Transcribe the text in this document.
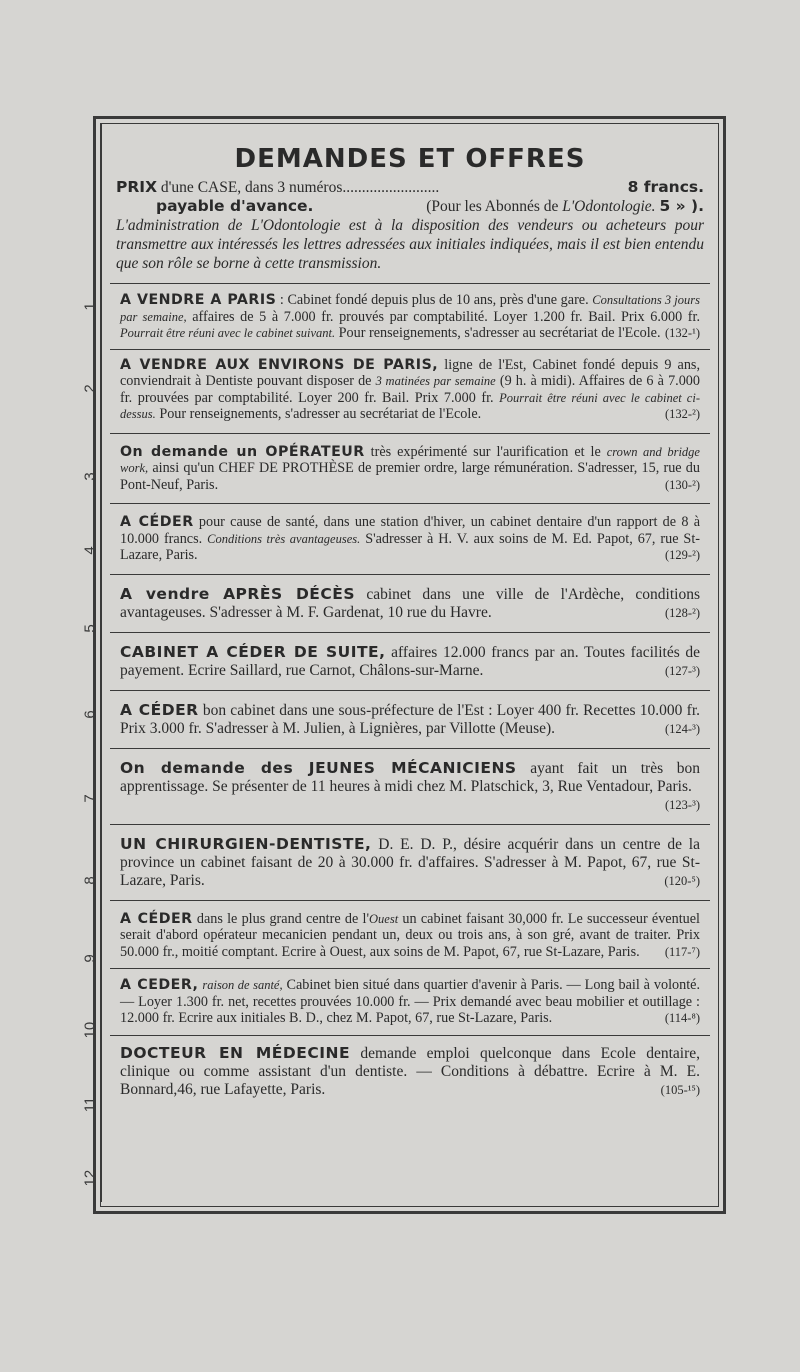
DEMANDES ET OFFRES
PRIX d'une CASE, dans 3 numéros.........................	8 francs.
payable d'avance.	(Pour les Abonnés de L'Odontologie. 5 » ).
L'administration de L'Odontologie est à la disposition des vendeurs ou acheteurs pour transmettre aux intéressés les lettres adressées aux initiales indiquées, mais il est bien entendu que son rôle se borne à cette transmission.
A VENDRE A PARIS : Cabinet fondé depuis plus de 10 ans, près d'une gare. Consultations 3 jours par semaine, affaires de 5 à 7.000 fr. prouvés par comptabilité. Loyer 1.200 fr. Bail. Prix 6.000 fr. Pourrait être réuni avec le cabinet suivant. Pour renseignements, s'adresser au secrétariat de l'Ecole. (132-¹)
A VENDRE AUX ENVIRONS DE PARIS, ligne de l'Est, Cabinet fondé depuis 9 ans, conviendrait à Dentiste pouvant disposer de 3 matinées par semaine (9 h. à midi). Affaires de 6 à 7.000 fr. prouvées par comptabilité. Loyer 200 fr. Bail. Prix 7.000 fr. Pourrait être réuni avec le cabinet ci-dessus. Pour renseignements, s'adresser au secrétariat de l'Ecole.	(132-²)
On demande un OPÉRATEUR très expérimenté sur l'aurification et le crown and bridge work, ainsi qu'un CHEF DE PROTHÈSE de premier ordre, large rémunération. S'adresser, 15, rue du Pont-Neuf, Paris.	(130-²)
A CÉDER pour cause de santé, dans une station d'hiver, un cabinet dentaire d'un rapport de 8 à 10.000 francs. Conditions très avantageuses. S'adresser à H. V. aux soins de M. Ed. Papot, 67, rue St-Lazare, Paris.	(129-²)
A vendre APRÈS DÉCÈS cabinet dans une ville de l'Ardèche, conditions avantageuses. S'adresser à M. F. Gardenat, 10 rue du Havre.	(128-²)
CABINET A CÉDER DE SUITE, affaires 12.000 francs par an. Toutes facilités de payement. Ecrire Saillard, rue Carnot, Châlons-sur-Marne.	(127-³)
A CÉDER bon cabinet dans une sous-préfecture de l'Est : Loyer 400 fr. Recettes 10.000 fr. Prix 3.000 fr. S'adresser à M. Julien, à Lignières, par Villotte (Meuse).	(124-³)
On demande des JEUNES MÉCANICIENS ayant fait un très bon apprentissage. Se présenter de 11 heures à midi chez M. Platschick, 3, Rue Ventadour, Paris.
(123-³)
UN CHIRURGIEN-DENTISTE, D. E. D. P., désire acquérir dans un centre de la province un cabinet faisant de 20 à 30.000 fr. d'affaires. S'adresser à M. Papot, 67, rue St-Lazare, Paris.	(120-⁵)
A CÉDER dans le plus grand centre de l'Ouest un cabinet faisant 30,000 fr. Le successeur éventuel serait d'abord opérateur mecanicien pendant un, deux ou trois ans, à son gré, avant de traiter. Prix 50.000 fr., moitié comptant. Ecrire à Ouest, aux soins de M. Papot, 67, rue St-Lazare, Paris. (117-⁷)
A CEDER, raison de santé, Cabinet bien situé dans quartier d'avenir à Paris. — Long bail à volonté. — Loyer 1.300 fr. net, recettes prouvées 10.000 fr. — Prix demandé avec beau mobilier et outillage : 12.000 fr. Ecrire aux initiales B. D., chez M. Papot, 67, rue St-Lazare, Paris.	(114-⁸)
DOCTEUR EN MÉDECINE demande emploi quelconque dans Ecole dentaire, clinique ou comme assistant d'un dentiste. — Conditions à débattre. Ecrire à M. E. Bonnard,46, rue Lafayette, Paris.	(105-¹⁵)
1
2
3
4
5
6
7
8
9
10
11
12
